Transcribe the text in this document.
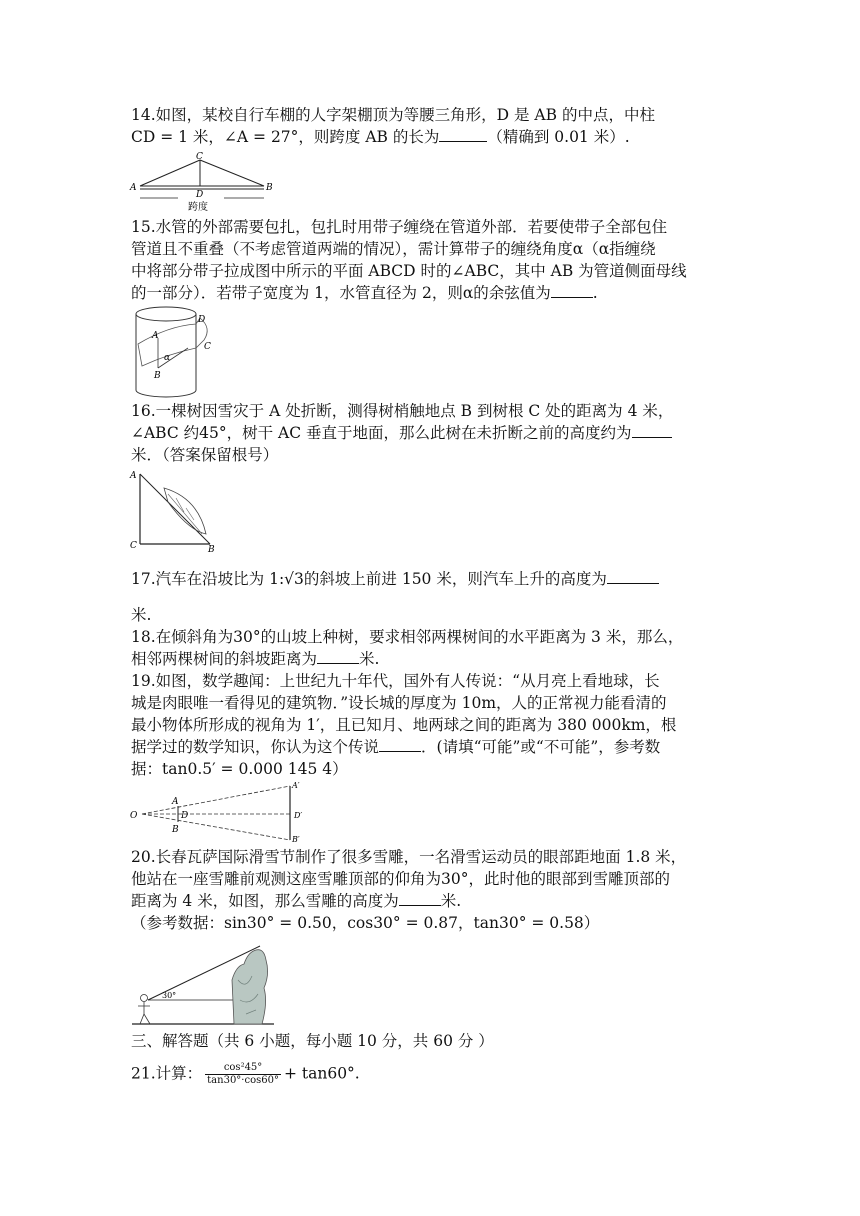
14.如图，某校自行车棚的人字架棚顶为等腰三角形，D 是 AB 的中点，中柱
CD = 1 米，∠A = 27°，则跨度 AB 的长为	（精确到 0.01 米）.
C
A	B
D
跨度
15.水管的外部需要包扎，包扎时用带子缠绕在管道外部．若要使带子全部包住
管道且不重叠（不考虑管道两端的情况），需计算带子的缠绕角度α（α指缠绕
中将部分带子拉成图中所示的平面 ABCD 时的∠ABC，其中 AB 为管道侧面母线
的一部分）．若带子宽度为 1，水管直径为 2，则α的余弦值为	.
D
C
A
B
α
16.一棵树因雪灾于 A 处折断，测得树梢触地点 B 到树根 C 处的距离为 4 米，
∠ABC 约45°，树干 AC 垂直于地面，那么此树在未折断之前的高度约为
米．（答案保留根号）
A
C	B
17.汽车在沿坡比为 1:√3的斜坡上前进 150 米，则汽车上升的高度为
米.
18.在倾斜角为30°的山坡上种树，要求相邻两棵树间的水平距离为 3 米，那么，
相邻两棵树间的斜坡距离为	米.
19.如图，数学趣闻：上世纪九十年代，国外有人传说：“从月亮上看地球，长
城是肉眼唯一看得见的建筑物．”设长城的厚度为 10m，人的正常视力能看清的
最小物体所形成的视角为 1′，且已知月、地两球之间的距离为 380 000km，根
据学过的数学知识，你认为这个传说	．(请填“可能”或“不可能”，参考数
据：tan0.5′ = 0.000 145 4）
O
A
B
D
A′
D′
B′
20.长春瓦萨国际滑雪节制作了很多雪雕，一名滑雪运动员的眼部距地面 1.8 米，
他站在一座雪雕前观测这座雪雕顶部的仰角为30°，此时他的眼部到雪雕顶部的
距离为 4 米，如图，那么雪雕的高度为	米.
（参考数据：sin30° = 0.50，cos30° = 0.87，tan30° = 0.58）
30°
三、解答题（共 6 小题，每小题 10 分，共 60 分 ）
21.计算： $\frac{\text{cos²45°}}{\tan 30^\circ\cdot\cos 60^\circ} + \tan 60^\circ$.
